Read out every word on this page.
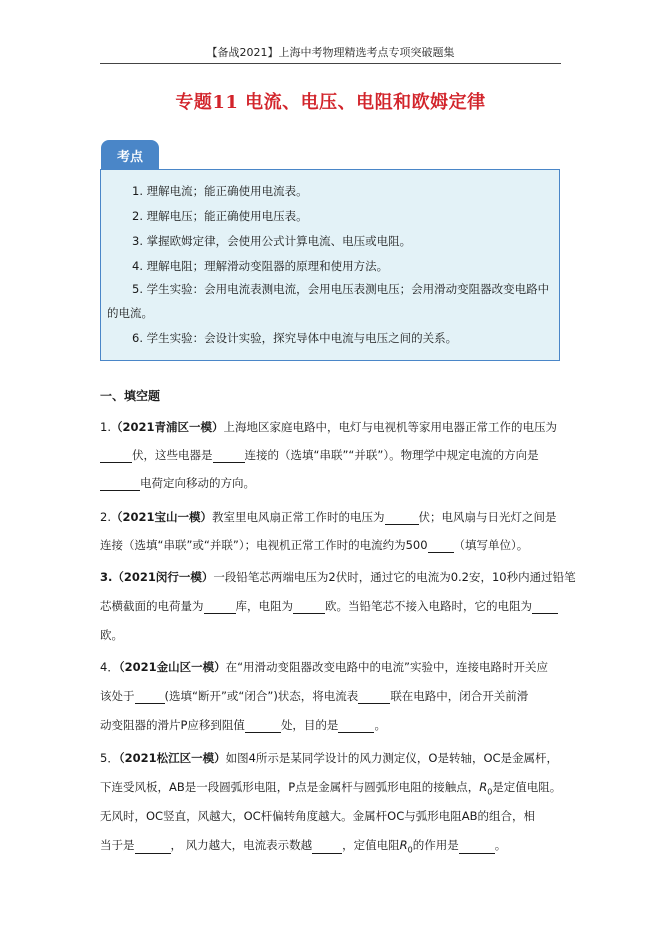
【备战2021】上海中考物理精选考点专项突破题集
专题11 电流、电压、电阻和欧姆定律
考点
1. 理解电流；能正确使用电流表。
2. 理解电压；能正确使用电压表。
3. 掌握欧姆定律，会使用公式计算电流、电压或电阻。
4. 理解电阻；理解滑动变阻器的原理和使用方法。
5. 学生实验：会用电流表测电流，会用电压表测电压；会用滑动变阻器改变电路中
的电流。
6. 学生实验：会设计实验，探究导体中电流与电压之间的关系。
一、填空题
1.（2021青浦区一模）上海地区家庭电路中，电灯与电视机等家用电器正常工作的电压为
伏，这些电器是	连接的（选填“串联”“并联”）。物理学中规定电流的方向是
电荷定向移动的方向。
2.（2021宝山一模）教室里电风扇正常工作时的电压为	伏；电风扇与日光灯之间是
连接（选填“串联”或“并联”）；电视机正常工作时的电流约为500 （填写单位）。
3.（2021闵行一模）一段铅笔芯两端电压为2伏时，通过它的电流为0.2安，10秒内通过铅笔
芯横截面的电荷量为	库，电阻为	欧。当铅笔芯不接入电路时，它的电阻为
欧。
4．（2021金山区一模）在“用滑动变阻器改变电路中的电流”实验中，连接电路时开关应
该处于	(选填“断开”或“闭合”)状态，将电流表	联在电路中，闭合开关前滑
动变阻器的滑片P应移到阻值	处，目的是	。
5．（2021松江区一模）如图4所示是某同学设计的风力测定仪，O是转轴，OC是金属杆，
下连受风板，AB是一段圆弧形电阻，P点是金属杆与圆弧形电阻的接触点，$R_0$是定值电阻。
无风时，OC竖直，风越大，OC杆偏转角度越大。金属杆OC与弧形电阻AB的组合，相
当于是	， 风力越大，电流表示数越	，定值电阻$R_0$的作用是	。
